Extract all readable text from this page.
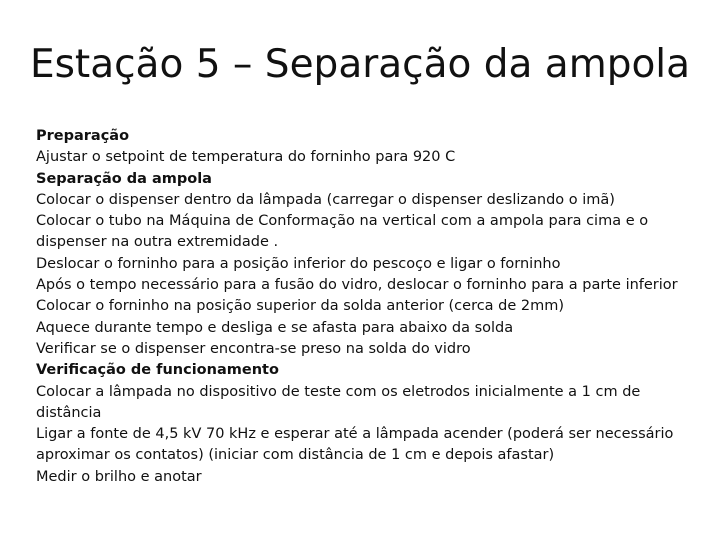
Estação 5 – Separação da ampola
Preparação
Ajustar o setpoint de temperatura do forninho para 920 C
Separação da ampola
Colocar o dispenser dentro da lâmpada (carregar o dispenser deslizando o imã)
Colocar o tubo na Máquina de Conformação na vertical com a ampola para cima e o dispenser na outra extremidade .
Deslocar o forninho para a posição inferior do pescoço e ligar o forninho
Após o tempo necessário para a fusão do vidro, deslocar o forninho para a parte inferior
Colocar o forninho na posição superior da solda anterior (cerca de 2mm)
Aquece durante tempo e desliga e se afasta para abaixo da solda
Verificar se o dispenser encontra-se preso na solda do vidro
Verificação de funcionamento
Colocar a lâmpada no dispositivo de teste com os eletrodos inicialmente a 1 cm de distância
Ligar a fonte de 4,5 kV 70 kHz e esperar até a lâmpada acender (poderá ser necessário aproximar os contatos) (iniciar com distância de 1 cm e depois afastar)
Medir o brilho e anotar
